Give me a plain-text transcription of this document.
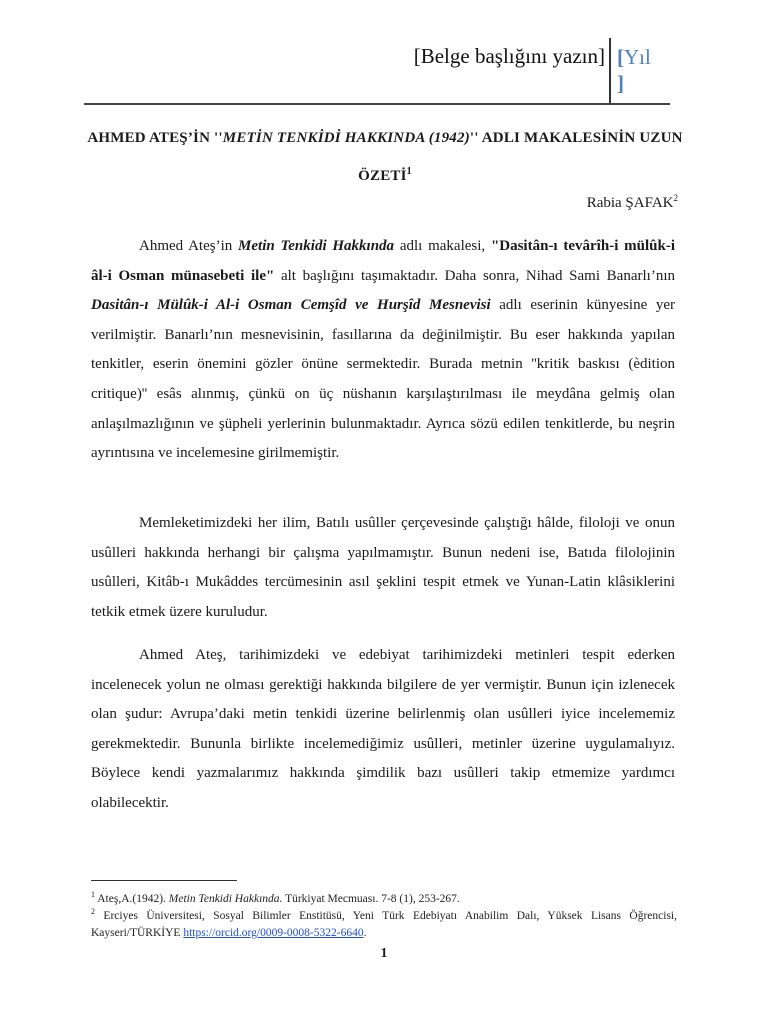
[Belge başlığını yazın] [Yıl
]
AHMED ATEŞ’İN ''METİN TENKİDİ HAKKINDA (1942)'' ADLI MAKALESİNİN UZUN ÖZETİ$^1$
Rabia ŞAFAK$^2$

Ahmed Ateş’in Metin Tenkidi Hakkında adlı makalesi, "Dasitân-ı tevârîh-i mülûk-i âl-i Osman münasebeti ile" alt başlığını taşımaktadır. Daha sonra, Nihad Sami Banarlı’nın Dasitân-ı Mülûk-i Al-i Osman Cemşîd ve Hurşîd Mesnevisi adlı eserinin künyesine yer verilmiştir. Banarlı’nın mesnevisinin, fasıllarına da değinilmiştir. Bu eser hakkında yapılan tenkitler, eserin önemini gözler önüne sermektedir. Burada metnin ''kritik baskısı (èdition critique)'' esâs alınmış, çünkü on üç nüshanın karşılaştırılması ile meydâna gelmiş olan anlaşılmazlığının ve şüpheli yerlerinin bulunmaktadır. Ayrıca sözü edilen tenkitlerde, bu neşrin ayrıntısına ve incelemesine girilmemiştir.

Memleketimizdeki her ilim, Batılı usûller çerçevesinde çalıştığı hâlde, filoloji ve onun usûlleri hakkında herhangi bir çalışma yapılmamıştır. Bunun nedeni ise, Batıda filolojinin usûlleri, Kitâb-ı Mukâddes tercümesinin asıl şeklini tespit etmek ve Yunan-Latin klâsiklerini tetkik etmek üzere kuruludur.

Ahmed Ateş, tarihimizdeki ve edebiyat tarihimizdeki metinleri tespit ederken incelenecek yolun ne olması gerektiği hakkında bilgilere de yer vermiştir. Bunun için izlenecek olan şudur: Avrupa’daki metin tenkidi üzerine belirlenmiş olan usûlleri iyice incelememiz gerekmektedir. Bununla birlikte incelemediğimiz usûlleri, metinler üzerine uygulamalıyız. Böylece kendi yazmalarımız hakkında şimdilik bazı usûlleri takip etmemize yardımcı olabilecektir.

$^1$ Ateş,A.(1942). Metin Tenkidi Hakkında. Türkiyat Mecmuası. 7-8 (1), 253-267.
$^2$ Erciyes Üniversitesi, Sosyal Bilimler Enstitüsü, Yeni Türk Edebiyatı Anabilim Dalı, Yüksek Lisans Öğrencisi, Kayseri/TÜRKİYE https://orcid.org/0009-0008-5322-6640.
1
